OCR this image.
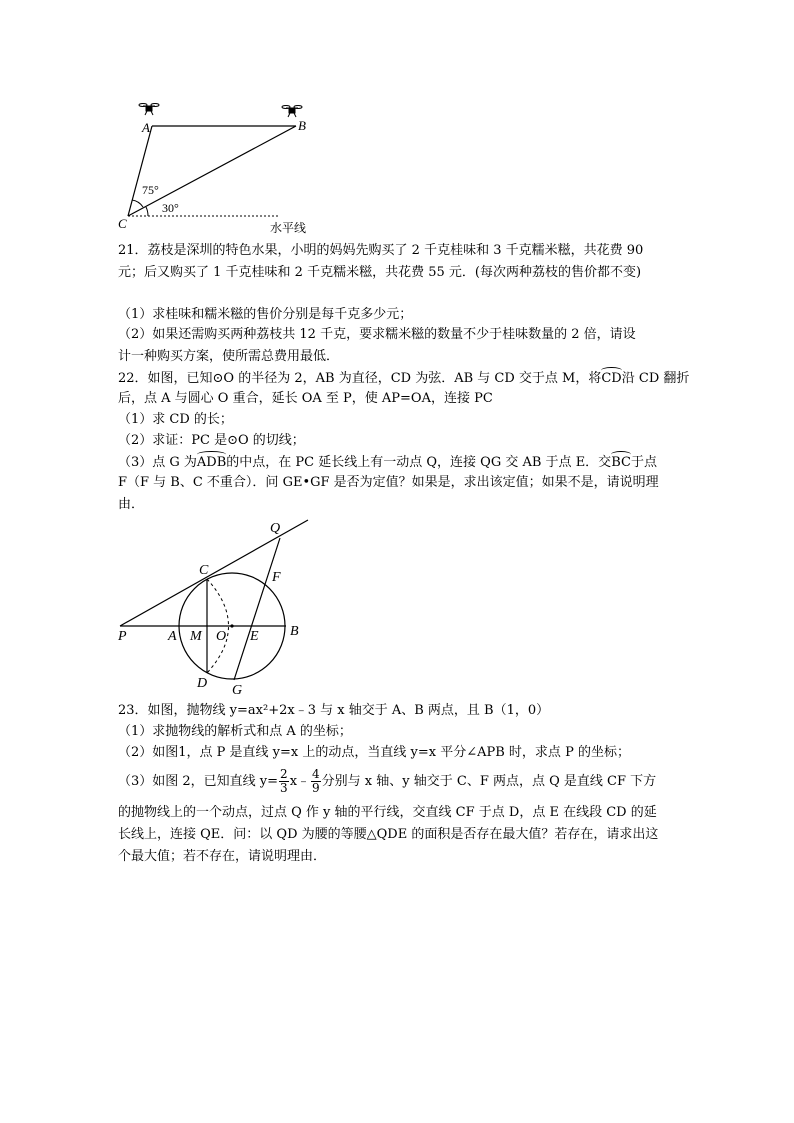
A	B
C
75°
30°
水平线
21．荔枝是深圳的特色水果，小明的妈妈先购买了 2 千克桂味和 3 千克糯米糍，共花费 90
元；后又购买了 1 千克桂味和 2 千克糯米糍，共花费 55 元．(每次两种荔枝的售价都不变)
（1）求桂味和糯米糍的售价分别是每千克多少元；
（2）如果还需购买两种荔枝共 12 千克，要求糯米糍的数量不少于桂味数量的 2 倍，请设
计一种购买方案，使所需总费用最低．
22．如图，已知⊙O 的半径为 2，AB 为直径，CD 为弦．AB 与 CD 交于点 M，将CD沿 CD 翻折
后，点 A 与圆心 O 重合，延长 OA 至 P，使 AP=OA，连接 PC
（1）求 CD 的长；
（2）求证：PC 是⊙O 的切线；
（3）点 G 为ADB的中点，在 PC 延长线上有一动点 Q，连接 QG 交 AB 于点 E．交BC于点
F（F 与 B、C 不重合）．问 GE•GF 是否为定值？如果是，求出该定值；如果不是，请说明理
由．
P	A M O E B
C
D G
F
Q
23．如图，抛物线 y=ax²+2x﹣3 与 x 轴交于 A、B 两点，且 B（1，0）
（1）求抛物线的解析式和点 A 的坐标；
（2）如图1，点 P 是直线 y=x 上的动点，当直线 y=x 平分∠APB 时，求点 P 的坐标；
（3）如图 2，已知直线 $y= \frac{2}{3}$ x﹣ $\frac{4}{9}$ 分别与 x 轴、y 轴交于 C、F 两点，点 Q 是直线 CF 下方
的抛物线上的一个动点，过点 Q 作 y 轴的平行线，交直线 CF 于点 D，点 E 在线段 CD 的延
长线上，连接 QE．问：以 QD 为腰的等腰△QDE 的面积是否存在最大值？若存在，请求出这
个最大值；若不存在，请说明理由．
